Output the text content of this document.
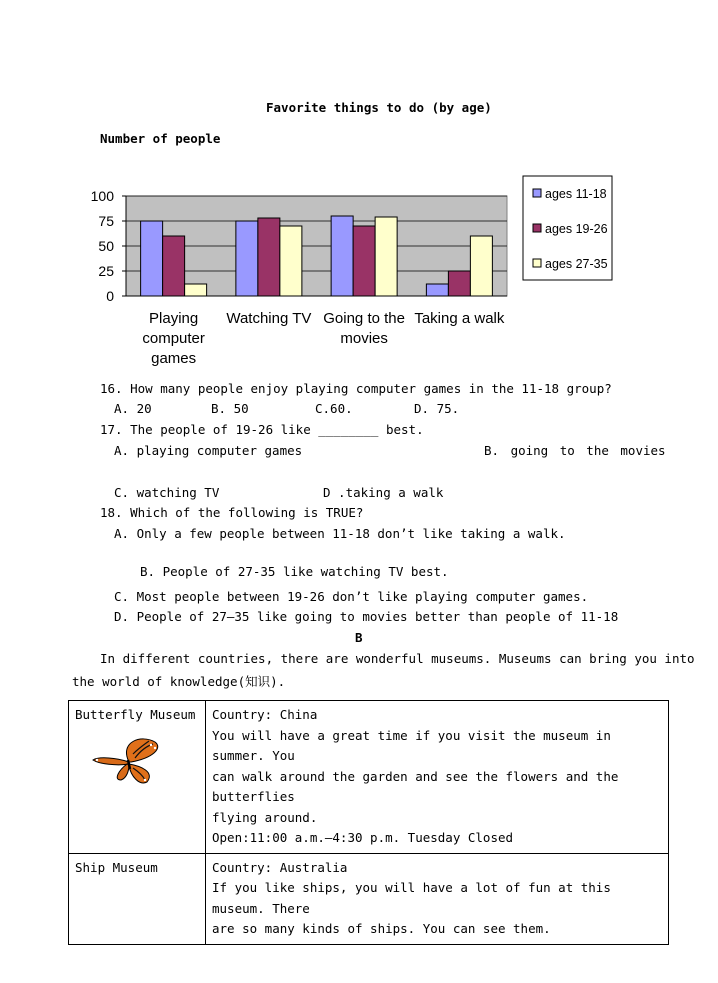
Favorite things to do (by age)
Number of people
0
25
50
75
100
Playing
computer
games
Watching TV Going to the
movies
Taking a walk
ages 11-18
ages 19-26
ages 27-35
16. How many people enjoy playing computer games in the 11-18 group?
A. 20	B. 50	C.60.	D. 75.
17. The people of 19-26 like ________ best.
A. playing computer games	B. going to the movies
C. watching TV	D .taking a walk
18. Which of the following is TRUE?
A. Only a few people between 11-18 don’t like taking a walk.
B. People of 27-35 like watching TV best.
C. Most people between 19-26 don’t like playing computer games.
D. People of 27—35 like going to movies better than people of 11-18
B
In different countries, there are wonderful museums. Museums can bring you into
the world of knowledge(知识).
Butterfly Museum	Country: China
You will have a great time if you visit the museum in summer. You
can walk around the garden and see the flowers and the butterflies
flying around.
Open:11:00 a.m.—4:30 p.m. Tuesday Closed

Ship Museum	Country: Australia
If you like ships, you will have a lot of fun at this museum. There
are so many kinds of ships. You can see them.
